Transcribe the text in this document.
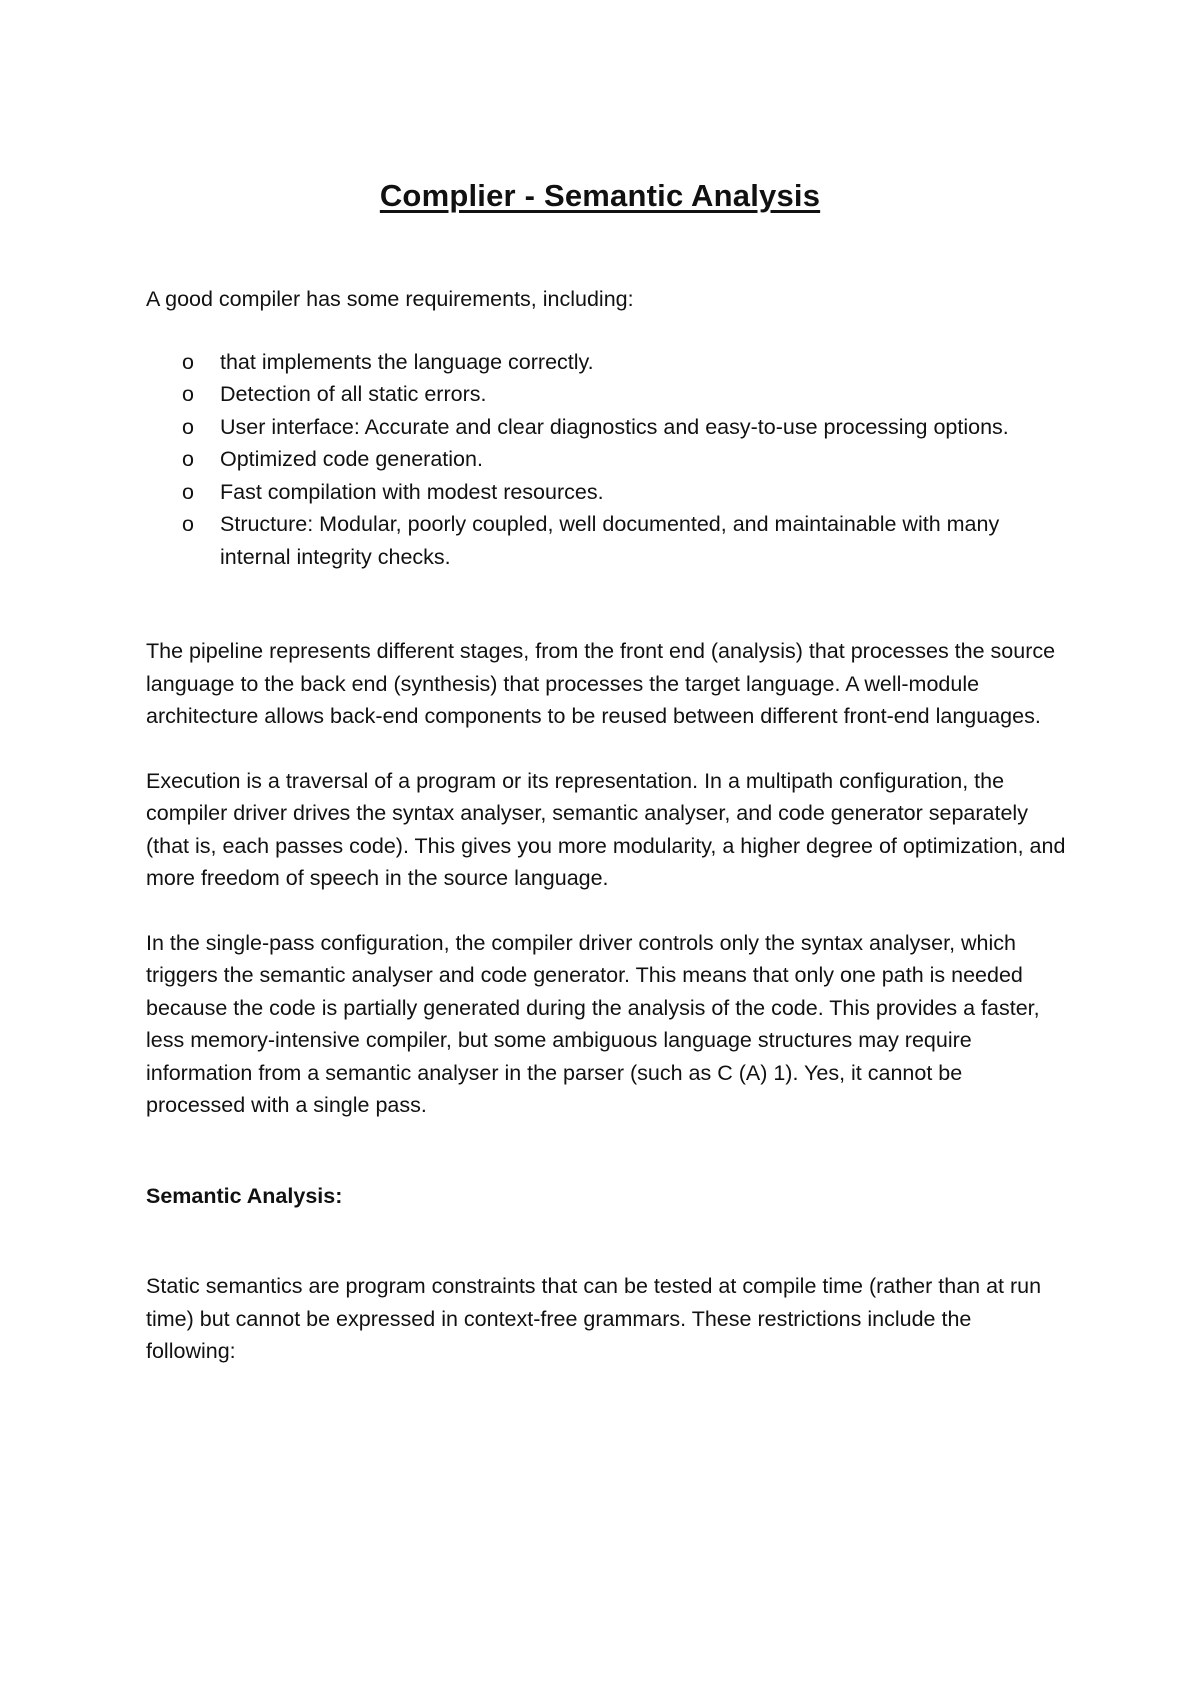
Complier - Semantic Analysis

A good compiler has some requirements, including:

o	that implements the language correctly.
o	Detection of all static errors.
o	User interface: Accurate and clear diagnostics and easy-to-use processing options.
o	Optimized code generation.
o	Fast compilation with modest resources.
o	Structure: Modular, poorly coupled, well documented, and maintainable with many internal integrity checks.

The pipeline represents different stages, from the front end (analysis) that processes the source language to the back end (synthesis) that processes the target language. A well-module architecture allows back-end components to be reused between different front-end languages.

Execution is a traversal of a program or its representation. In a multipath configuration, the compiler driver drives the syntax analyser, semantic analyser, and code generator separately (that is, each passes code). This gives you more modularity, a higher degree of optimization, and more freedom of speech in the source language.

In the single-pass configuration, the compiler driver controls only the syntax analyser, which triggers the semantic analyser and code generator. This means that only one path is needed because the code is partially generated during the analysis of the code. This provides a faster, less memory-intensive compiler, but some ambiguous language structures may require information from a semantic analyser in the parser (such as C (A) 1). Yes, it cannot be processed with a single pass.

Semantic Analysis:

Static semantics are program constraints that can be tested at compile time (rather than at run time) but cannot be expressed in context-free grammars. These restrictions include the following:
